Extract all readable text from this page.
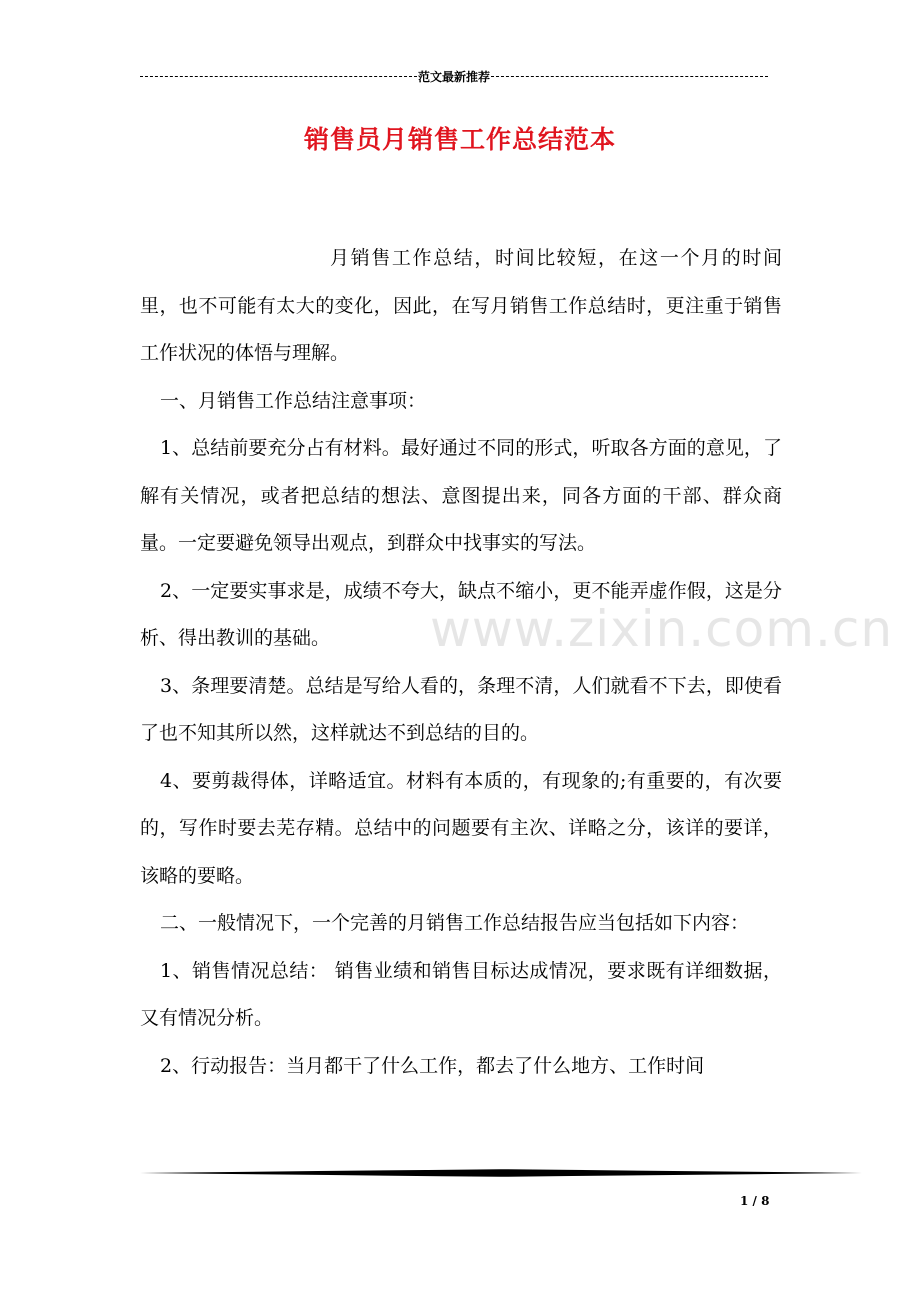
范文最新推荐
销售员月销售工作总结范本
www.zixin.com.cn

月销售工作总结，时间比较短，在这一个月的时间里，也不可能有太大的变化，因此，在写月销售工作总结时，更注重于销售工作状况的体悟与理解。

一、月销售工作总结注意事项：

1、总结前要充分占有材料。最好通过不同的形式，听取各方面的意见，了解有关情况，或者把总结的想法、意图提出来，同各方面的干部、群众商量。一定要避免领导出观点，到群众中找事实的写法。

2、一定要实事求是，成绩不夸大，缺点不缩小，更不能弄虚作假，这是分析、得出教训的基础。

3、条理要清楚。总结是写给人看的，条理不清，人们就看不下去，即使看了也不知其所以然，这样就达不到总结的目的。

4、要剪裁得体，详略适宜。材料有本质的，有现象的;有重要的，有次要的，写作时要去芜存精。总结中的问题要有主次、详略之分，该详的要详，该略的要略。

二、一般情况下，一个完善的月销售工作总结报告应当包括如下内容：

1、销售情况总结： 销售业绩和销售目标达成情况，要求既有详细数据，又有情况分析。

2、行动报告：当月都干了什么工作，都去了什么地方、工作时间

1 / 8
